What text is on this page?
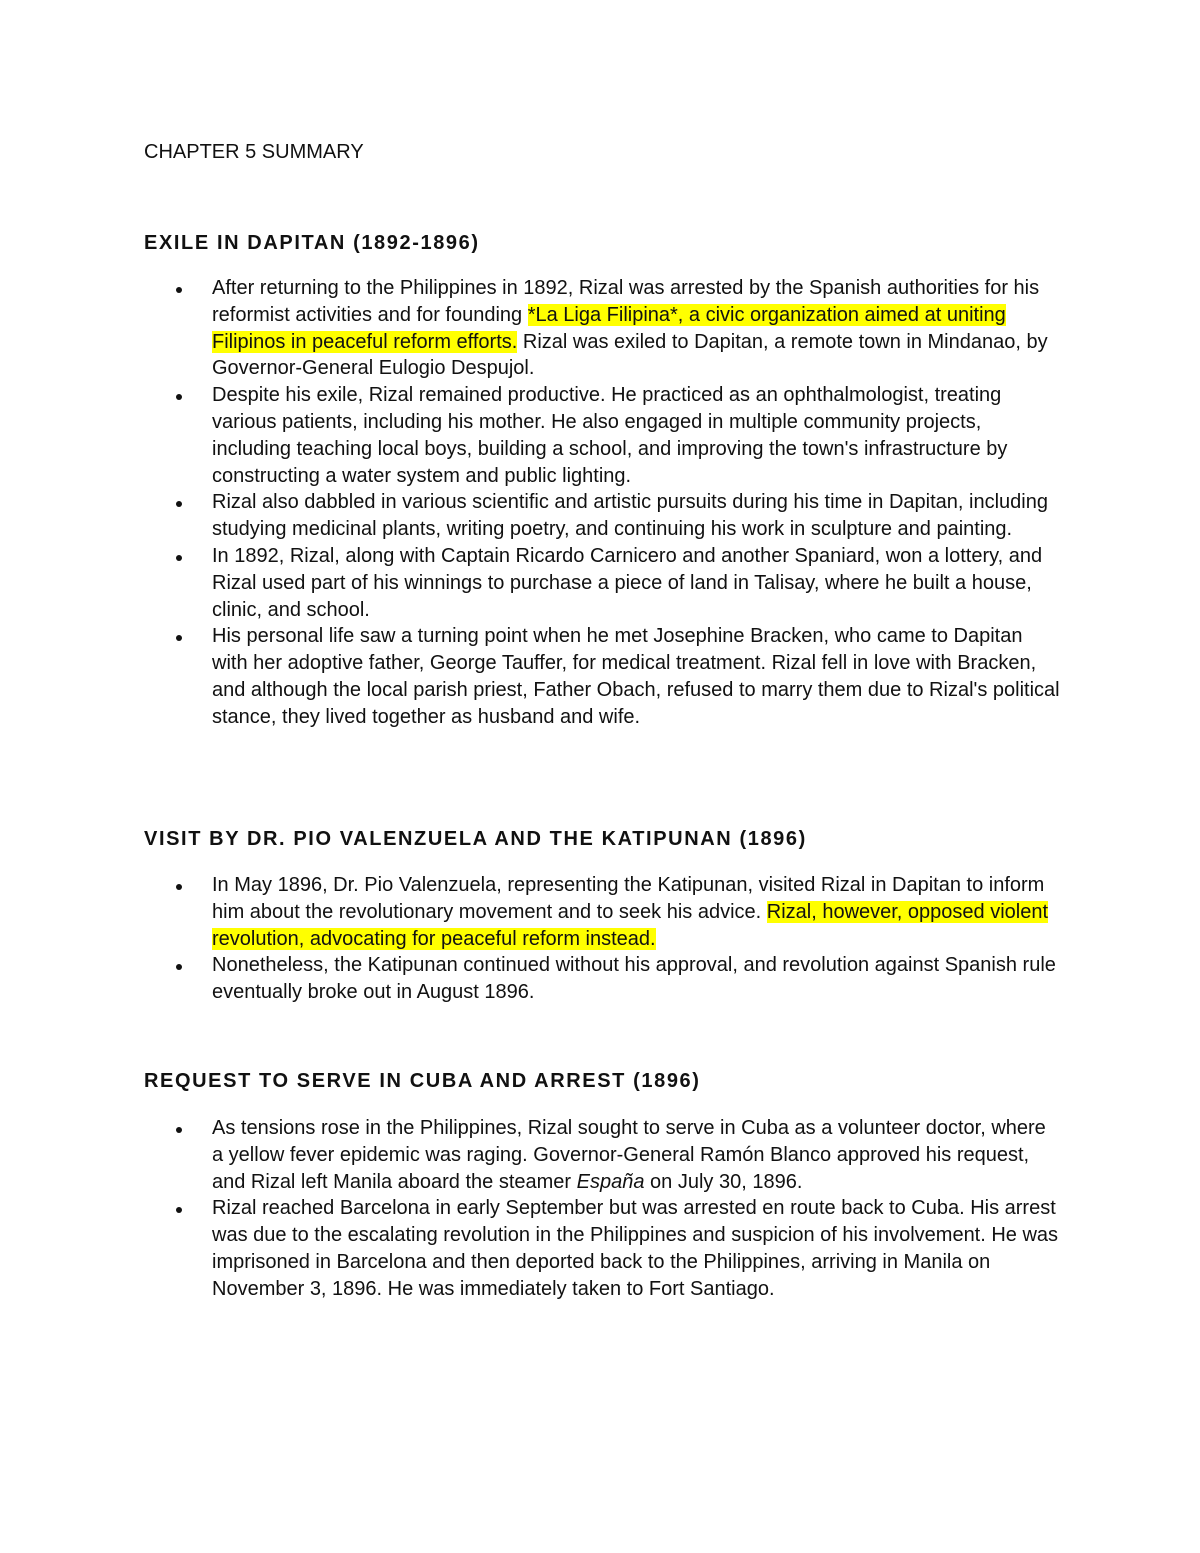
CHAPTER 5 SUMMARY
EXILE IN DAPITAN (1892-1896)
After returning to the Philippines in 1892, Rizal was arrested by the Spanish authorities for his reformist activities and for founding *La Liga Filipina*, a civic organization aimed at uniting Filipinos in peaceful reform efforts. Rizal was exiled to Dapitan, a remote town in Mindanao, by Governor-General Eulogio Despujol.
Despite his exile, Rizal remained productive. He practiced as an ophthalmologist, treating various patients, including his mother. He also engaged in multiple community projects, including teaching local boys, building a school, and improving the town's infrastructure by constructing a water system and public lighting.
Rizal also dabbled in various scientific and artistic pursuits during his time in Dapitan, including studying medicinal plants, writing poetry, and continuing his work in sculpture and painting.
In 1892, Rizal, along with Captain Ricardo Carnicero and another Spaniard, won a lottery, and Rizal used part of his winnings to purchase a piece of land in Talisay, where he built a house, clinic, and school.
His personal life saw a turning point when he met Josephine Bracken, who came to Dapitan with her adoptive father, George Tauffer, for medical treatment. Rizal fell in love with Bracken, and although the local parish priest, Father Obach, refused to marry them due to Rizal's political stance, they lived together as husband and wife.
VISIT BY DR. PIO VALENZUELA AND THE KATIPUNAN (1896)
In May 1896, Dr. Pio Valenzuela, representing the Katipunan, visited Rizal in Dapitan to inform him about the revolutionary movement and to seek his advice. Rizal, however, opposed violent revolution, advocating for peaceful reform instead.
Nonetheless, the Katipunan continued without his approval, and revolution against Spanish rule eventually broke out in August 1896.
REQUEST TO SERVE IN CUBA AND ARREST (1896)
As tensions rose in the Philippines, Rizal sought to serve in Cuba as a volunteer doctor, where a yellow fever epidemic was raging. Governor-General Ramón Blanco approved his request, and Rizal left Manila aboard the steamer España on July 30, 1896.
Rizal reached Barcelona in early September but was arrested en route back to Cuba. His arrest was due to the escalating revolution in the Philippines and suspicion of his involvement. He was imprisoned in Barcelona and then deported back to the Philippines, arriving in Manila on November 3, 1896. He was immediately taken to Fort Santiago.
